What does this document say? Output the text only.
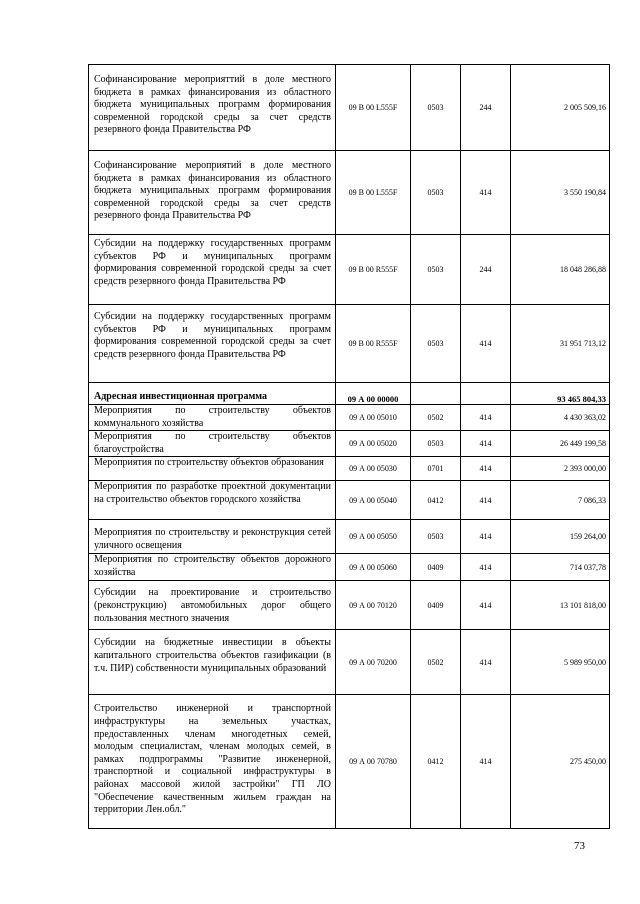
Софинансирование мероприяттий в доле местного бюджета в рамках финансирования из областного бюджета муниципальных программ формирования современной городской среды за счет средств резервного фонда Правительства РФ	09 B 00 L555F	0503	244	2 005 509,16
Софинансирование мероприятий в доле местного бюджета в рамках финансирования из областного бюджета муниципальных программ формирования современной городской среды за счет средств резервного фонда Правительства РФ	09 B 00 L555F	0503	414	3 550 190,84
Субсидии на поддержку государственных программ субъектов РФ и муниципальных программ формирования современной городской среды за счет средств резервного фонда Правительства РФ	09 B 00 R555F	0503	244	18 048 286,88
Субсидии на поддержку государственных программ субъектов РФ и муниципальных программ формирования современной городской среды за счет средств резервного фонда Правительства РФ	09 B 00 R555F	0503	414	31 951 713,12
Адресная инвестиционная программа	09 А 00 00000			93 465 804,33
Мероприятия по строительству объектов коммунального хозяйства	09 А 00 05010	0502	414	4 430 363,02
Мероприятия по строительству объектов благоустройства	09 А 00 05020	0503	414	26 449 199,58
Мероприятия по строительству объектов образования	09 А 00 05030	0701	414	2 393 000,00
Мероприятия по разработке проектной документации на строительство объектов городского хозяйства	09 А 00 05040	0412	414	7 086,33
Мероприятия по строительству и реконструкция сетей уличного освещения	09 А 00 05050	0503	414	159 264,00
Мероприятия по строительству объектов дорожного хозяйства	09 А 00 05060	0409	414	714 037,78
Субсидии на проектирование и строительство (реконструкцию) автомобильных дорог общего пользования местного значения	09 А 00 70120	0409	414	13 101 818,00
Субсидии на бюджетные инвестиции в объекты капитального строительства объектов газификации (в т.ч. ПИР) собственности муниципальных образований	09 А 00 70200	0502	414	5 989 950,00
Строительство инженерной и транспортной инфраструктуры на земельных участках, предоставленных членам многодетных семей, молодым специалистам, членам молодых семей, в рамках подпрограммы "Развитие инженерной, транспортной и социальной инфраструктуры в районах массовой жилой застройки" ГП ЛО "Обеспечение качественным жильем граждан на территории Лен.обл."	09 А 00 70780	0412	414	275 450,00
73
